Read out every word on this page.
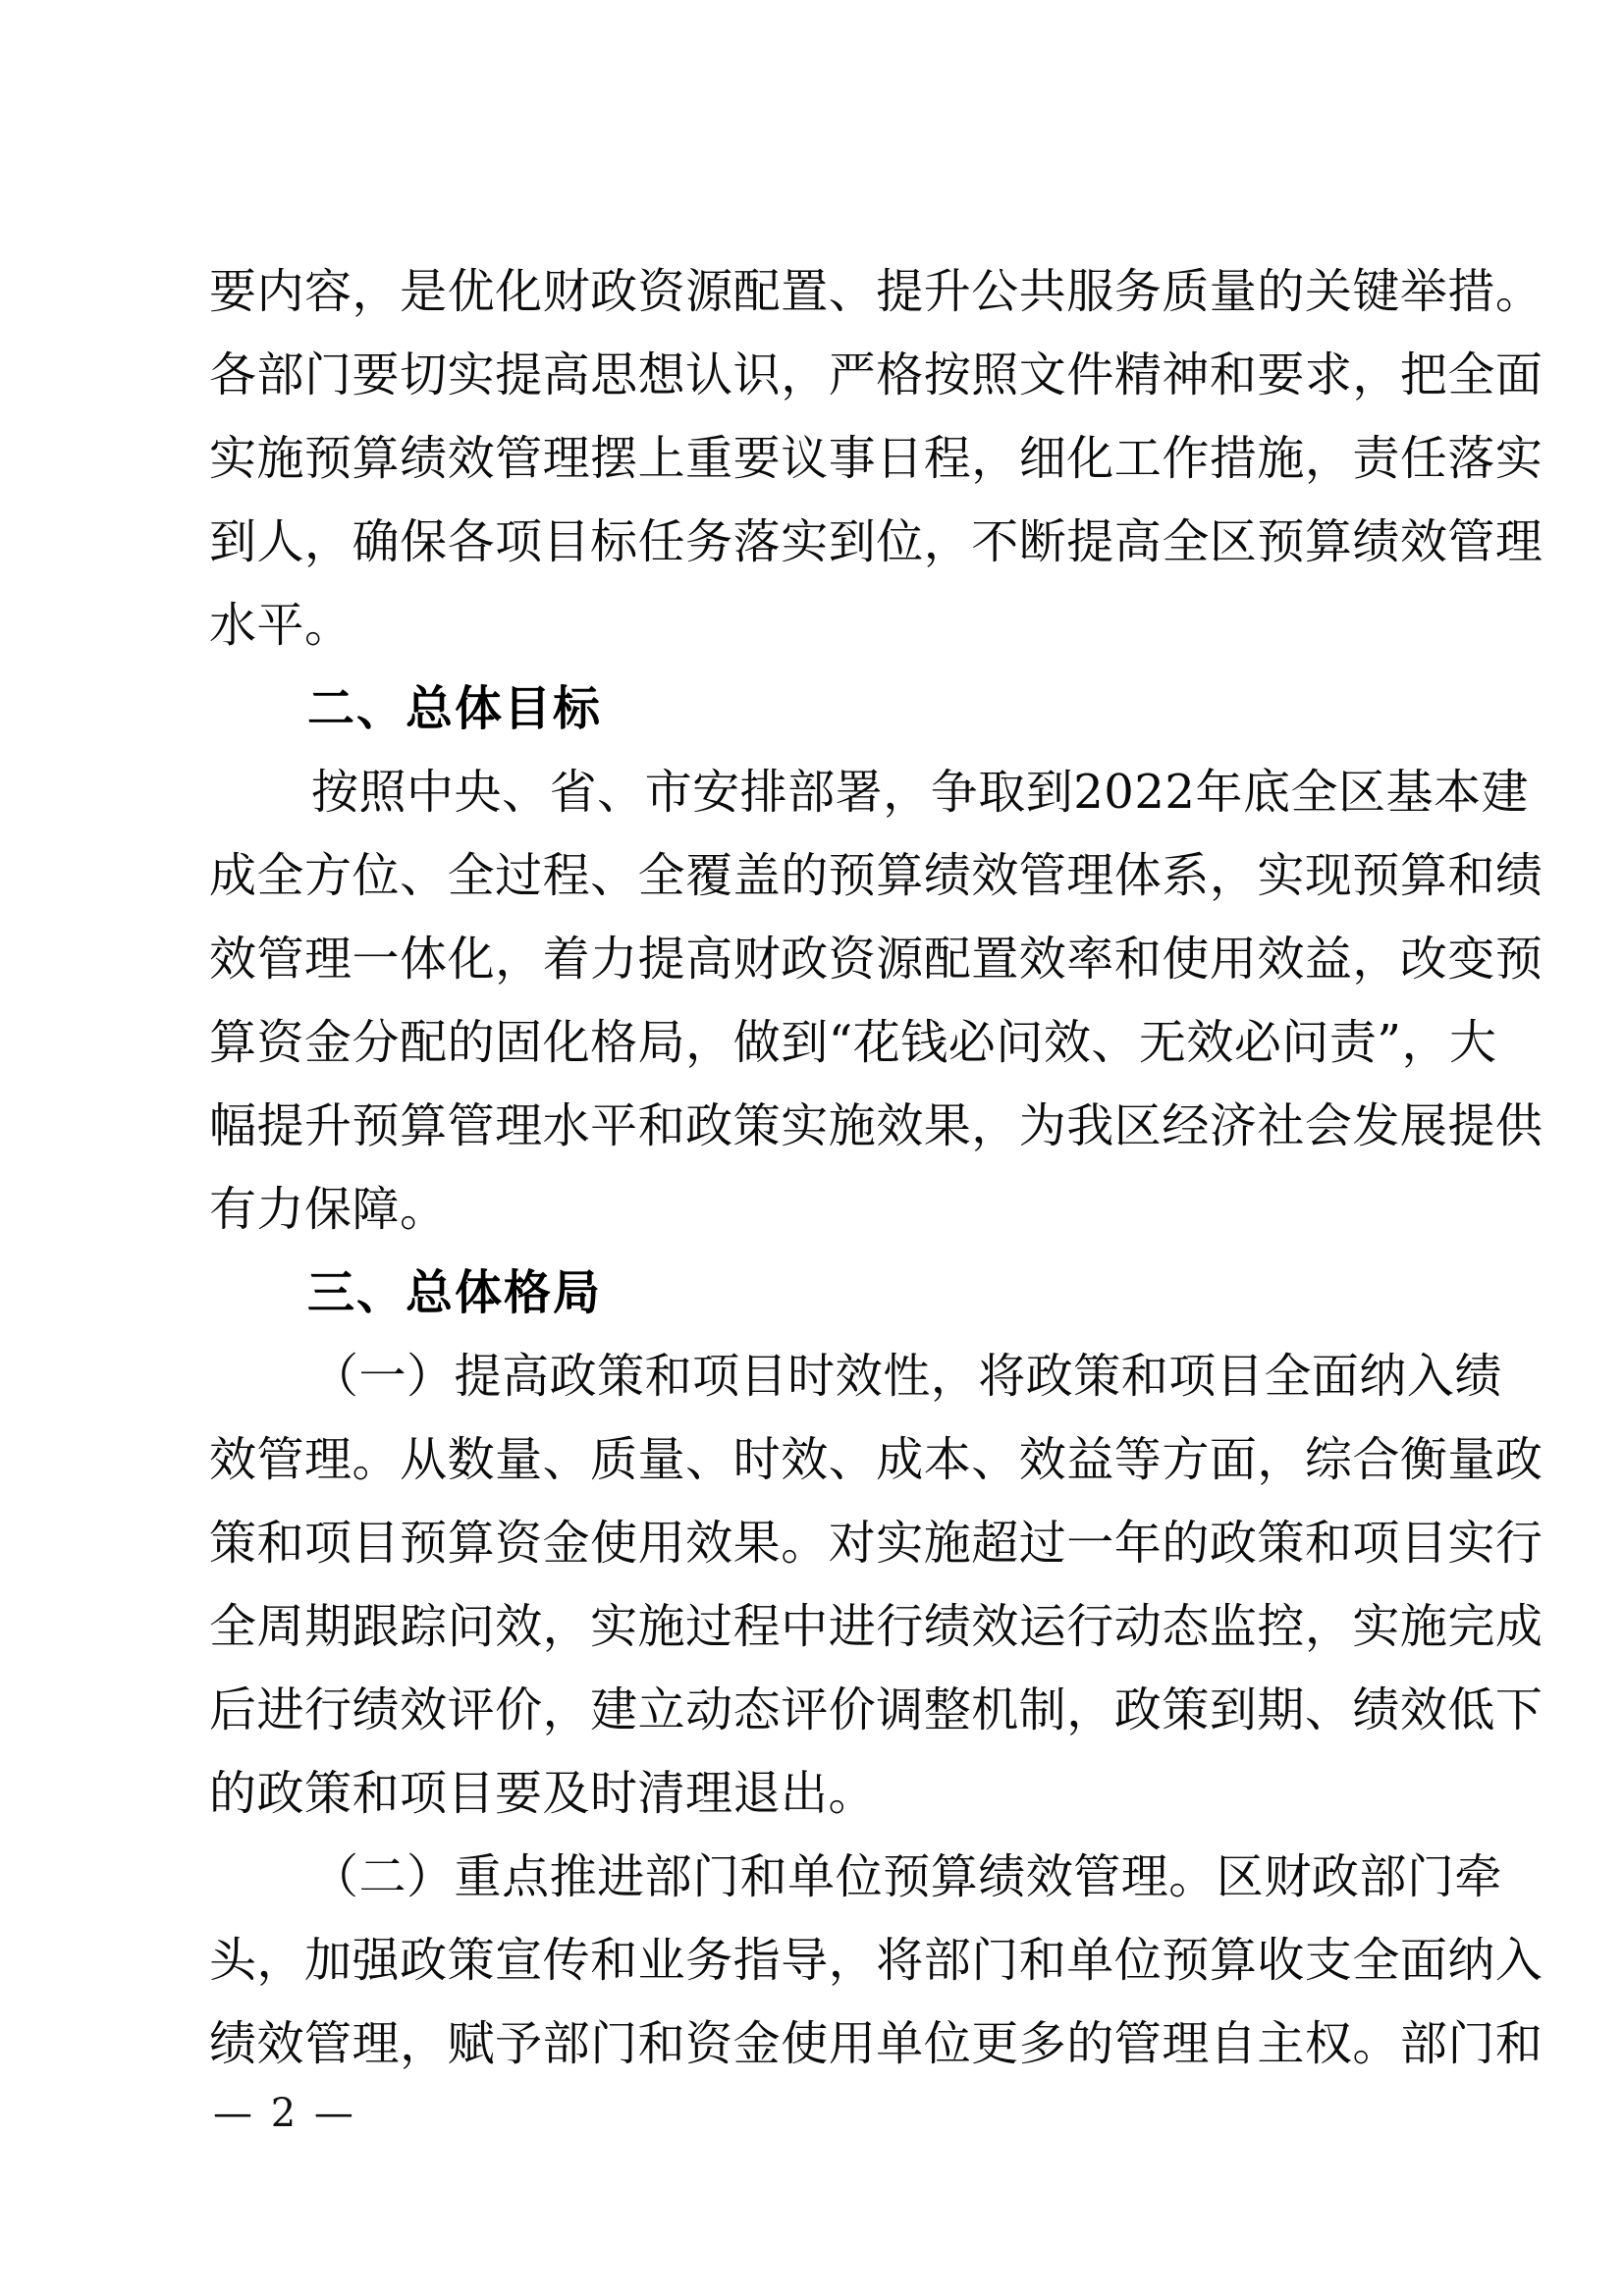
要 内 容 ， 是 优 化 财 政 资 源 配 置 、 提 升 公 共 服 务 质 量 的 关 键 举 措 。
各 部 门 要 切 实 提 高 思 想 认 识 ， 严 格 按 照 文 件 精 神 和 要 求 ， 把 全 面
实 施 预 算 绩 效 管 理 摆 上 重 要 议 事 日 程 ， 细 化 工 作 措 施 ， 责 任 落 实
到 人 ， 确 保 各 项 目 标 任 务 落 实 到 位 ， 不 断 提 高 全 区 预 算 绩 效 管 理
水平。
二、总体目标
按 照 中 央 、 省 、 市 安 排 部 署 ， 争 取 到 2 0 2 2 年 底 全 区 基 本 建
成 全 方 位 、 全 过 程 、 全 覆 盖 的 预 算 绩 效 管 理 体 系 ， 实 现 预 算 和 绩
效 管 理 一 体 化 ， 着 力 提 高 财 政 资 源 配 置 效 率 和 使 用 效 益 ， 改 变 预
算 资 金 分 配 的 固 化 格 局 ， 做 到 “ 花 钱 必 问 效 、 无 效 必 问 责 ” ， 大
幅 提 升 预 算 管 理 水 平 和 政 策 实 施 效 果 ， 为 我 区 经 济 社 会 发 展 提 供
有力保障。
三、总体格局
（ 一 ） 提 高 政 策 和 项 目 时 效 性 ， 将 政 策 和 项 目 全 面 纳 入 绩
效 管 理 。 从 数 量 、 质 量 、 时 效 、 成 本 、 效 益 等 方 面 ， 综 合 衡 量 政
策 和 项 目 预 算 资 金 使 用 效 果 。 对 实 施 超 过 一 年 的 政 策 和 项 目 实 行
全 周 期 跟 踪 问 效 ， 实 施 过 程 中 进 行 绩 效 运 行 动 态 监 控 ， 实 施 完 成
后 进 行 绩 效 评 价 ， 建 立 动 态 评 价 调 整 机 制 ， 政 策 到 期 、 绩 效 低 下
的政策和项目要及时清理退出。
（ 二 ） 重 点 推 进 部 门 和 单 位 预 算 绩 效 管 理 。 区 财 政 部 门 牵
头 ， 加 强 政 策 宣 传 和 业 务 指 导 ， 将 部 门 和 单 位 预 算 收 支 全 面 纳 入
绩 效 管 理 ， 赋 予 部 门 和 资 金 使 用 单 位 更 多 的 管 理 自 主 权 。 部 门 和
— 2 —
